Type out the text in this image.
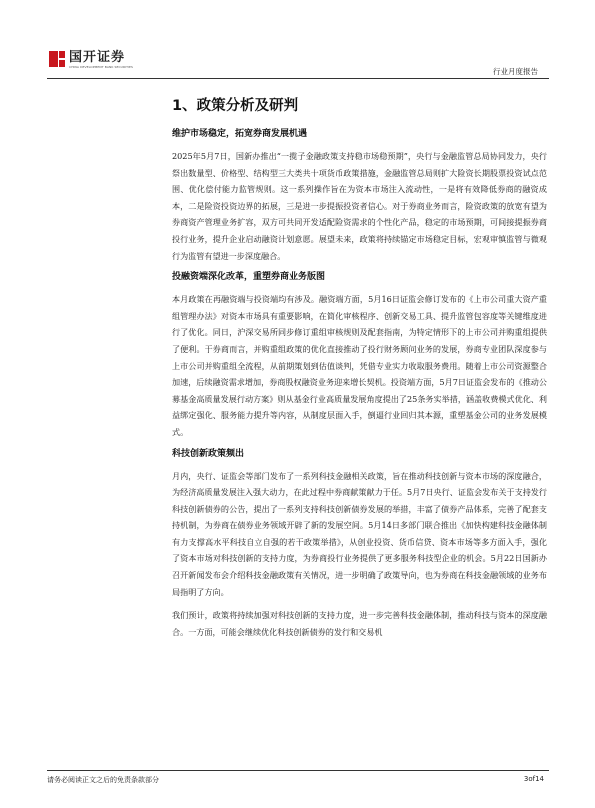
国开证券
CHINA DEVELOPMENT BANK SECURITIES	行业月度报告
1、政策分析及研判
维护市场稳定，拓宽券商发展机遇

2025年5月7日，国新办推出“一揽子金融政策支持稳市场稳预期”，央行与金融监管总局协同发力，央行祭出数量型、价格型、结构型三大类共十项货币政策措施，金融监管总局则扩大险资长期股票投资试点范围、优化偿付能力监管规则。这一系列操作旨在为资本市场注入流动性，一是将有效降低券商的融资成本，二是险资投资边界的拓展，三是进一步提振投资者信心。对于券商业务而言，险资政策的放宽有望为券商资产管理业务扩容，双方可共同开发适配险资需求的个性化产品，稳定的市场预期，可间接提振券商投行业务，提升企业启动融资计划意愿。展望未来，政策将持续锚定市场稳定目标，宏观审慎监管与微观行为监管有望进一步深度融合。

投融资端深化改革，重塑券商业务版图

本月政策在再融资端与投资端均有涉及。融资端方面，5月16日证监会修订发布的《上市公司重大资产重组管理办法》对资本市场具有重要影响，在简化审核程序、创新交易工具、提升监管包容度等关键维度进行了优化。同日，沪深交易所同步修订重组审核规则及配套指南，为特定情形下的上市公司并购重组提供了便利。于券商而言，并购重组政策的优化直接推动了投行财务顾问业务的发展，券商专业团队深度参与上市公司并购重组全流程，从前期策划到估值谈判，凭借专业实力收取服务费用。随着上市公司资源整合加速，后续融资需求增加，券商股权融资业务迎来增长契机。投资端方面，5月7日证监会发布的《推动公募基金高质量发展行动方案》则从基金行业高质量发展角度提出了25条务实举措，涵盖收费模式优化、利益绑定强化、服务能力提升等内容，从制度层面入手，倒逼行业回归其本源，重塑基金公司的业务发展模式。

科技创新政策频出

月内，央行、证监会等部门发布了一系列科技金融相关政策，旨在推动科技创新与资本市场的深度融合，为经济高质量发展注入强大动力，在此过程中券商献策献力于任。5月7日央行、证监会发布关于支持发行科技创新债券的公告，提出了一系列支持科技创新债券发展的举措，丰富了债券产品体系，完善了配套支持机制，为券商在债券业务领域开辟了新的发展空间。5月14日多部门联合推出《加快构建科技金融体制有力支撑高水平科技自立自强的若干政策举措》，从创业投资、货币信贷、资本市场等多方面入手，强化了资本市场对科技创新的支持力度，为券商投行业务提供了更多服务科技型企业的机会。5月22日国新办召开新闻发布会介绍科技金融政策有关情况，进一步明确了政策导向，也为券商在科技金融领域的业务布局指明了方向。

我们预计，政策将持续加强对科技创新的支持力度，进一步完善科技金融体制，推动科技与资本的深度融合。一方面，可能会继续优化科技创新债券的发行和交易机

请务必阅读正文之后的免责条款部分	3of14
